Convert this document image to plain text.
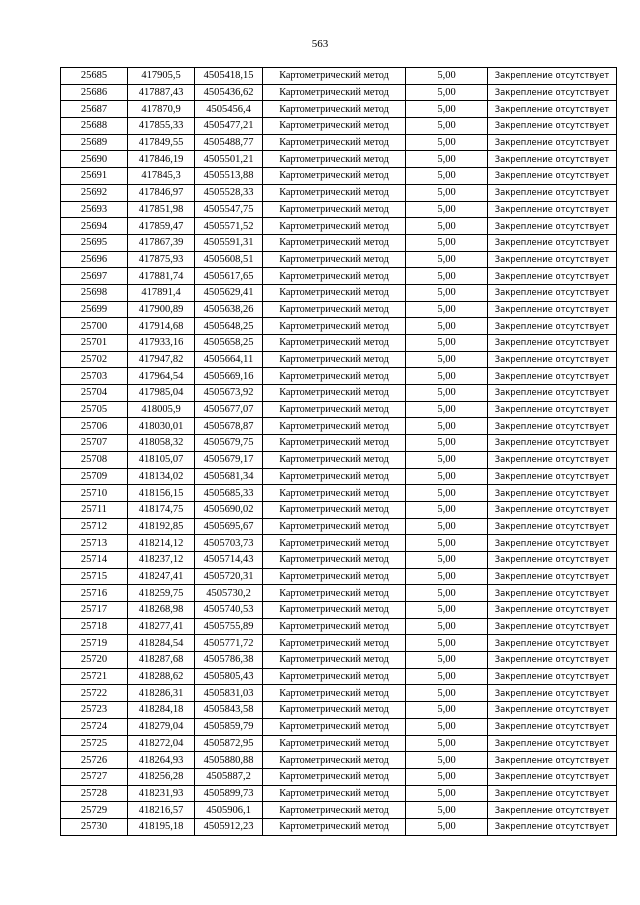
563
25685	417905,5	4505418,15	Картометрический метод	5,00	Закрепление отсутствует
25686	417887,43	4505436,62	Картометрический метод	5,00	Закрепление отсутствует
25687	417870,9	4505456,4	Картометрический метод	5,00	Закрепление отсутствует
25688	417855,33	4505477,21	Картометрический метод	5,00	Закрепление отсутствует
25689	417849,55	4505488,77	Картометрический метод	5,00	Закрепление отсутствует
25690	417846,19	4505501,21	Картометрический метод	5,00	Закрепление отсутствует
25691	417845,3	4505513,88	Картометрический метод	5,00	Закрепление отсутствует
25692	417846,97	4505528,33	Картометрический метод	5,00	Закрепление отсутствует
25693	417851,98	4505547,75	Картометрический метод	5,00	Закрепление отсутствует
25694	417859,47	4505571,52	Картометрический метод	5,00	Закрепление отсутствует
25695	417867,39	4505591,31	Картометрический метод	5,00	Закрепление отсутствует
25696	417875,93	4505608,51	Картометрический метод	5,00	Закрепление отсутствует
25697	417881,74	4505617,65	Картометрический метод	5,00	Закрепление отсутствует
25698	417891,4	4505629,41	Картометрический метод	5,00	Закрепление отсутствует
25699	417900,89	4505638,26	Картометрический метод	5,00	Закрепление отсутствует
25700	417914,68	4505648,25	Картометрический метод	5,00	Закрепление отсутствует
25701	417933,16	4505658,25	Картометрический метод	5,00	Закрепление отсутствует
25702	417947,82	4505664,11	Картометрический метод	5,00	Закрепление отсутствует
25703	417964,54	4505669,16	Картометрический метод	5,00	Закрепление отсутствует
25704	417985,04	4505673,92	Картометрический метод	5,00	Закрепление отсутствует
25705	418005,9	4505677,07	Картометрический метод	5,00	Закрепление отсутствует
25706	418030,01	4505678,87	Картометрический метод	5,00	Закрепление отсутствует
25707	418058,32	4505679,75	Картометрический метод	5,00	Закрепление отсутствует
25708	418105,07	4505679,17	Картометрический метод	5,00	Закрепление отсутствует
25709	418134,02	4505681,34	Картометрический метод	5,00	Закрепление отсутствует
25710	418156,15	4505685,33	Картометрический метод	5,00	Закрепление отсутствует
25711	418174,75	4505690,02	Картометрический метод	5,00	Закрепление отсутствует
25712	418192,85	4505695,67	Картометрический метод	5,00	Закрепление отсутствует
25713	418214,12	4505703,73	Картометрический метод	5,00	Закрепление отсутствует
25714	418237,12	4505714,43	Картометрический метод	5,00	Закрепление отсутствует
25715	418247,41	4505720,31	Картометрический метод	5,00	Закрепление отсутствует
25716	418259,75	4505730,2	Картометрический метод	5,00	Закрепление отсутствует
25717	418268,98	4505740,53	Картометрический метод	5,00	Закрепление отсутствует
25718	418277,41	4505755,89	Картометрический метод	5,00	Закрепление отсутствует
25719	418284,54	4505771,72	Картометрический метод	5,00	Закрепление отсутствует
25720	418287,68	4505786,38	Картометрический метод	5,00	Закрепление отсутствует
25721	418288,62	4505805,43	Картометрический метод	5,00	Закрепление отсутствует
25722	418286,31	4505831,03	Картометрический метод	5,00	Закрепление отсутствует
25723	418284,18	4505843,58	Картометрический метод	5,00	Закрепление отсутствует
25724	418279,04	4505859,79	Картометрический метод	5,00	Закрепление отсутствует
25725	418272,04	4505872,95	Картометрический метод	5,00	Закрепление отсутствует
25726	418264,93	4505880,88	Картометрический метод	5,00	Закрепление отсутствует
25727	418256,28	4505887,2	Картометрический метод	5,00	Закрепление отсутствует
25728	418231,93	4505899,73	Картометрический метод	5,00	Закрепление отсутствует
25729	418216,57	4505906,1	Картометрический метод	5,00	Закрепление отсутствует
25730	418195,18	4505912,23	Картометрический метод	5,00	Закрепление отсутствует
